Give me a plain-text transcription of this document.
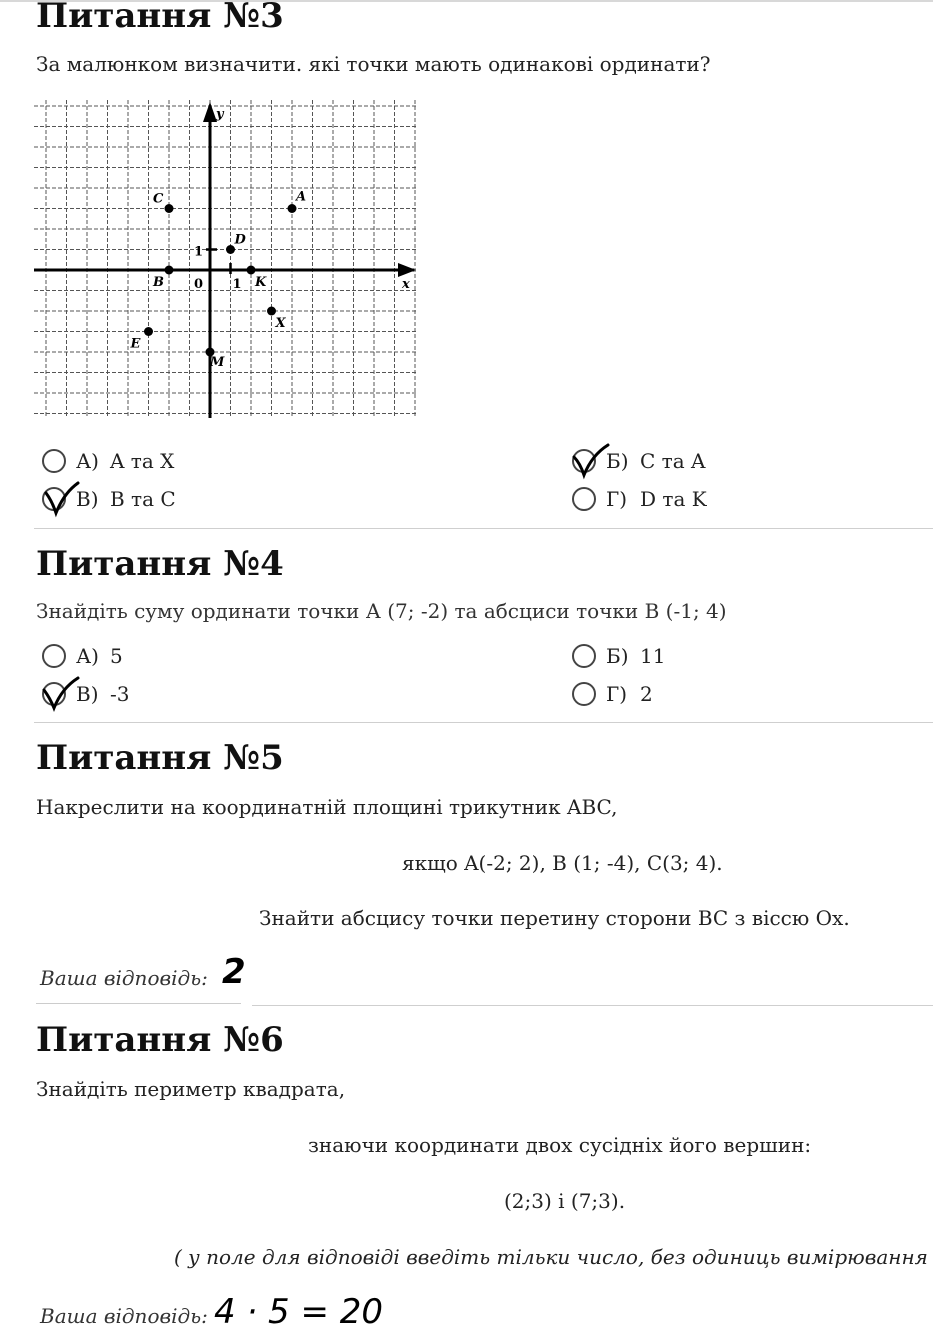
Питання №3
За малюнком визначити. які точки мають одинакові ординати?
x
y
0 1
1
A
C
D
B	K
X
E
M
А) A та X	Б) C та A
В) B та C	Г) D та K
Питання №4
Знайдіть суму ординати точки А (7; -2) та абсциси точки В (-1; 4)
А) 5	Б) 11
В) -3	Г) 2
Питання №5
Накреслити на координатній площині трикутник ABC,
якщо A(-2; 2), B (1; -4), C(3; 4).
Знайти абсцису точки перетину сторони BC з віссю Ox.
Ваша відповідь: 2
Питання №6
Знайдіть периметр квадрата,
знаючи координати двох сусідніх його вершин:
(2;3) і (7;3).
( у поле для відповіді введіть тільки число, без одиниць вимірювання
Ваша відповідь: 4 · 5 = 20
